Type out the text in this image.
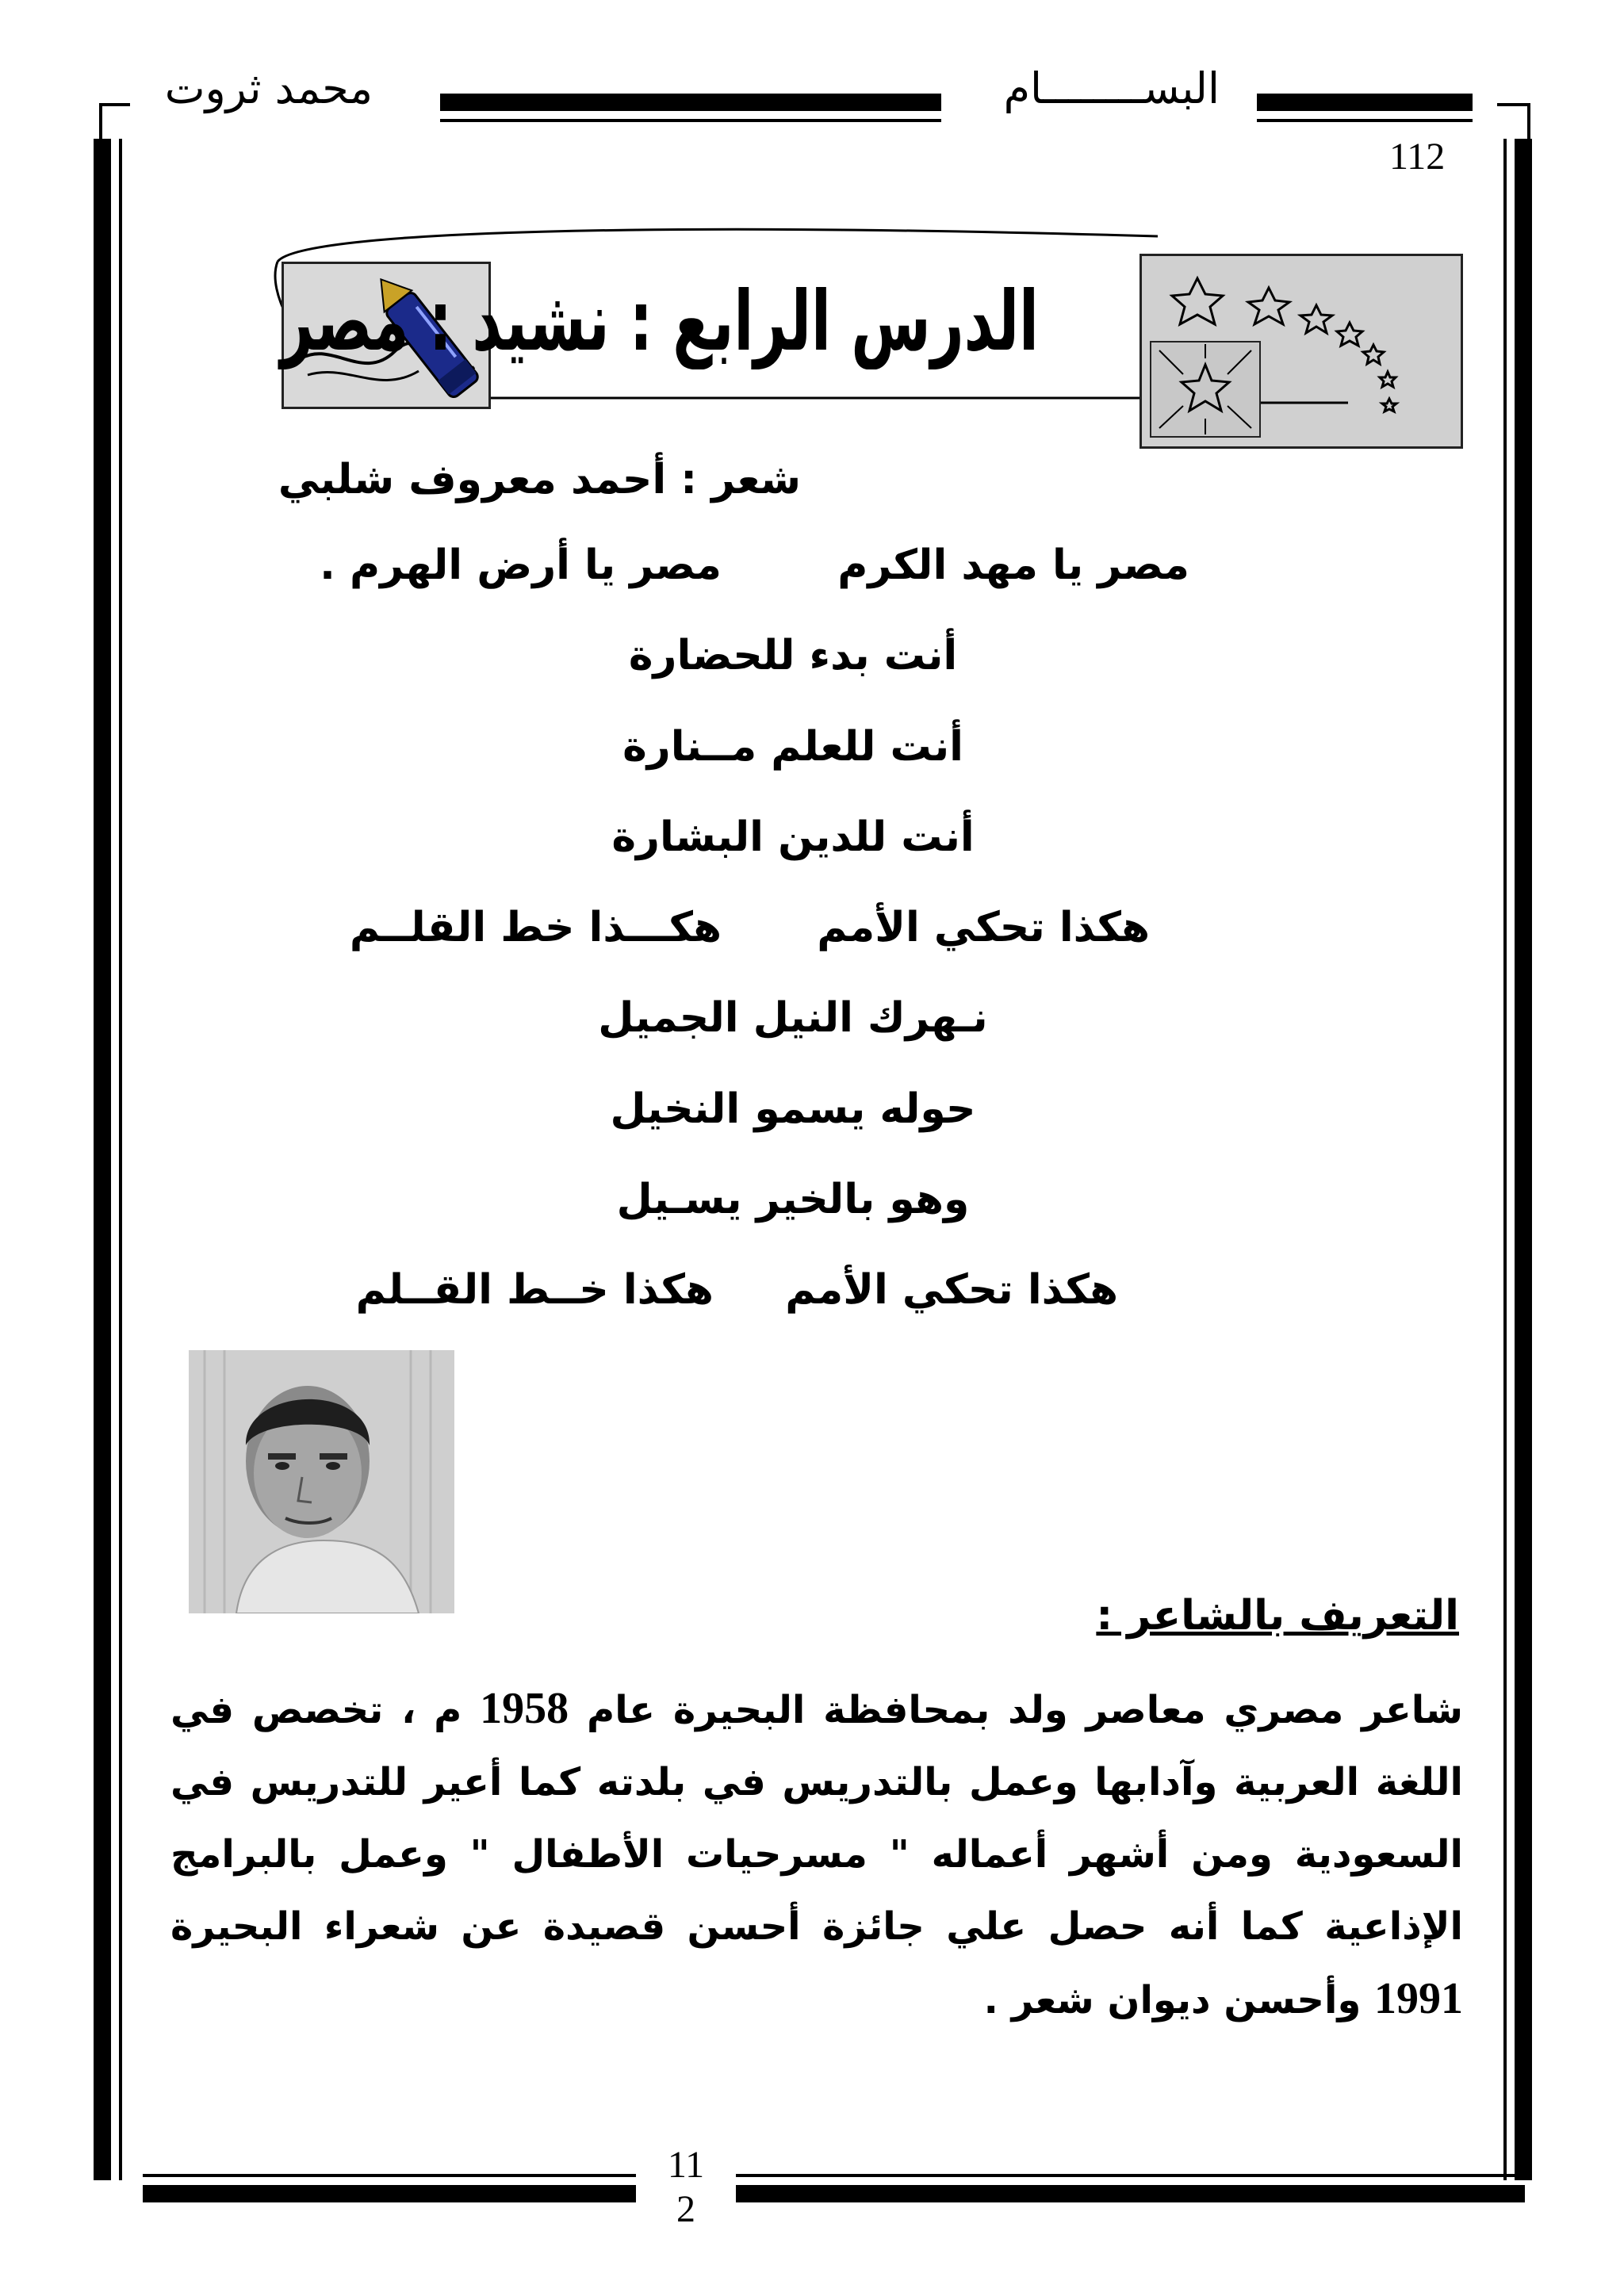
محمد ثروت	البســــــــام
112
الدرس الرابع : نشيد : مصر
شعر : أحمد معروف شلبي
مصر يا مهد الكرم
مصر يا أرض الهرم .
أنت بدء للحضارة
أنت للعلم مــنارة
أنت للدين البشارة
هكذا تحكي الأمم
هكـــذا خط القلــم
نـهرك النيل الجميل
حوله يسمو النخيل
وهو بالخير يسـيل
هكذا تحكي الأمم
هكذا خــط القــلم
التعريف بالشاعر :
شاعر مصري معاصر ولد بمحافظة البحيرة عام 1958 م ، تخصص في اللغة العربية وآدابها وعمل بالتدريس في بلدته كما أعير للتدريس في السعودية ومن أشهر أعماله " مسرحيات الأطفال " وعمل بالبرامج الإذاعية كما أنه حصل علي جائزة أحسن قصيدة عن شعراء البحيرة 1991 وأحسن ديوان شعر .
112
